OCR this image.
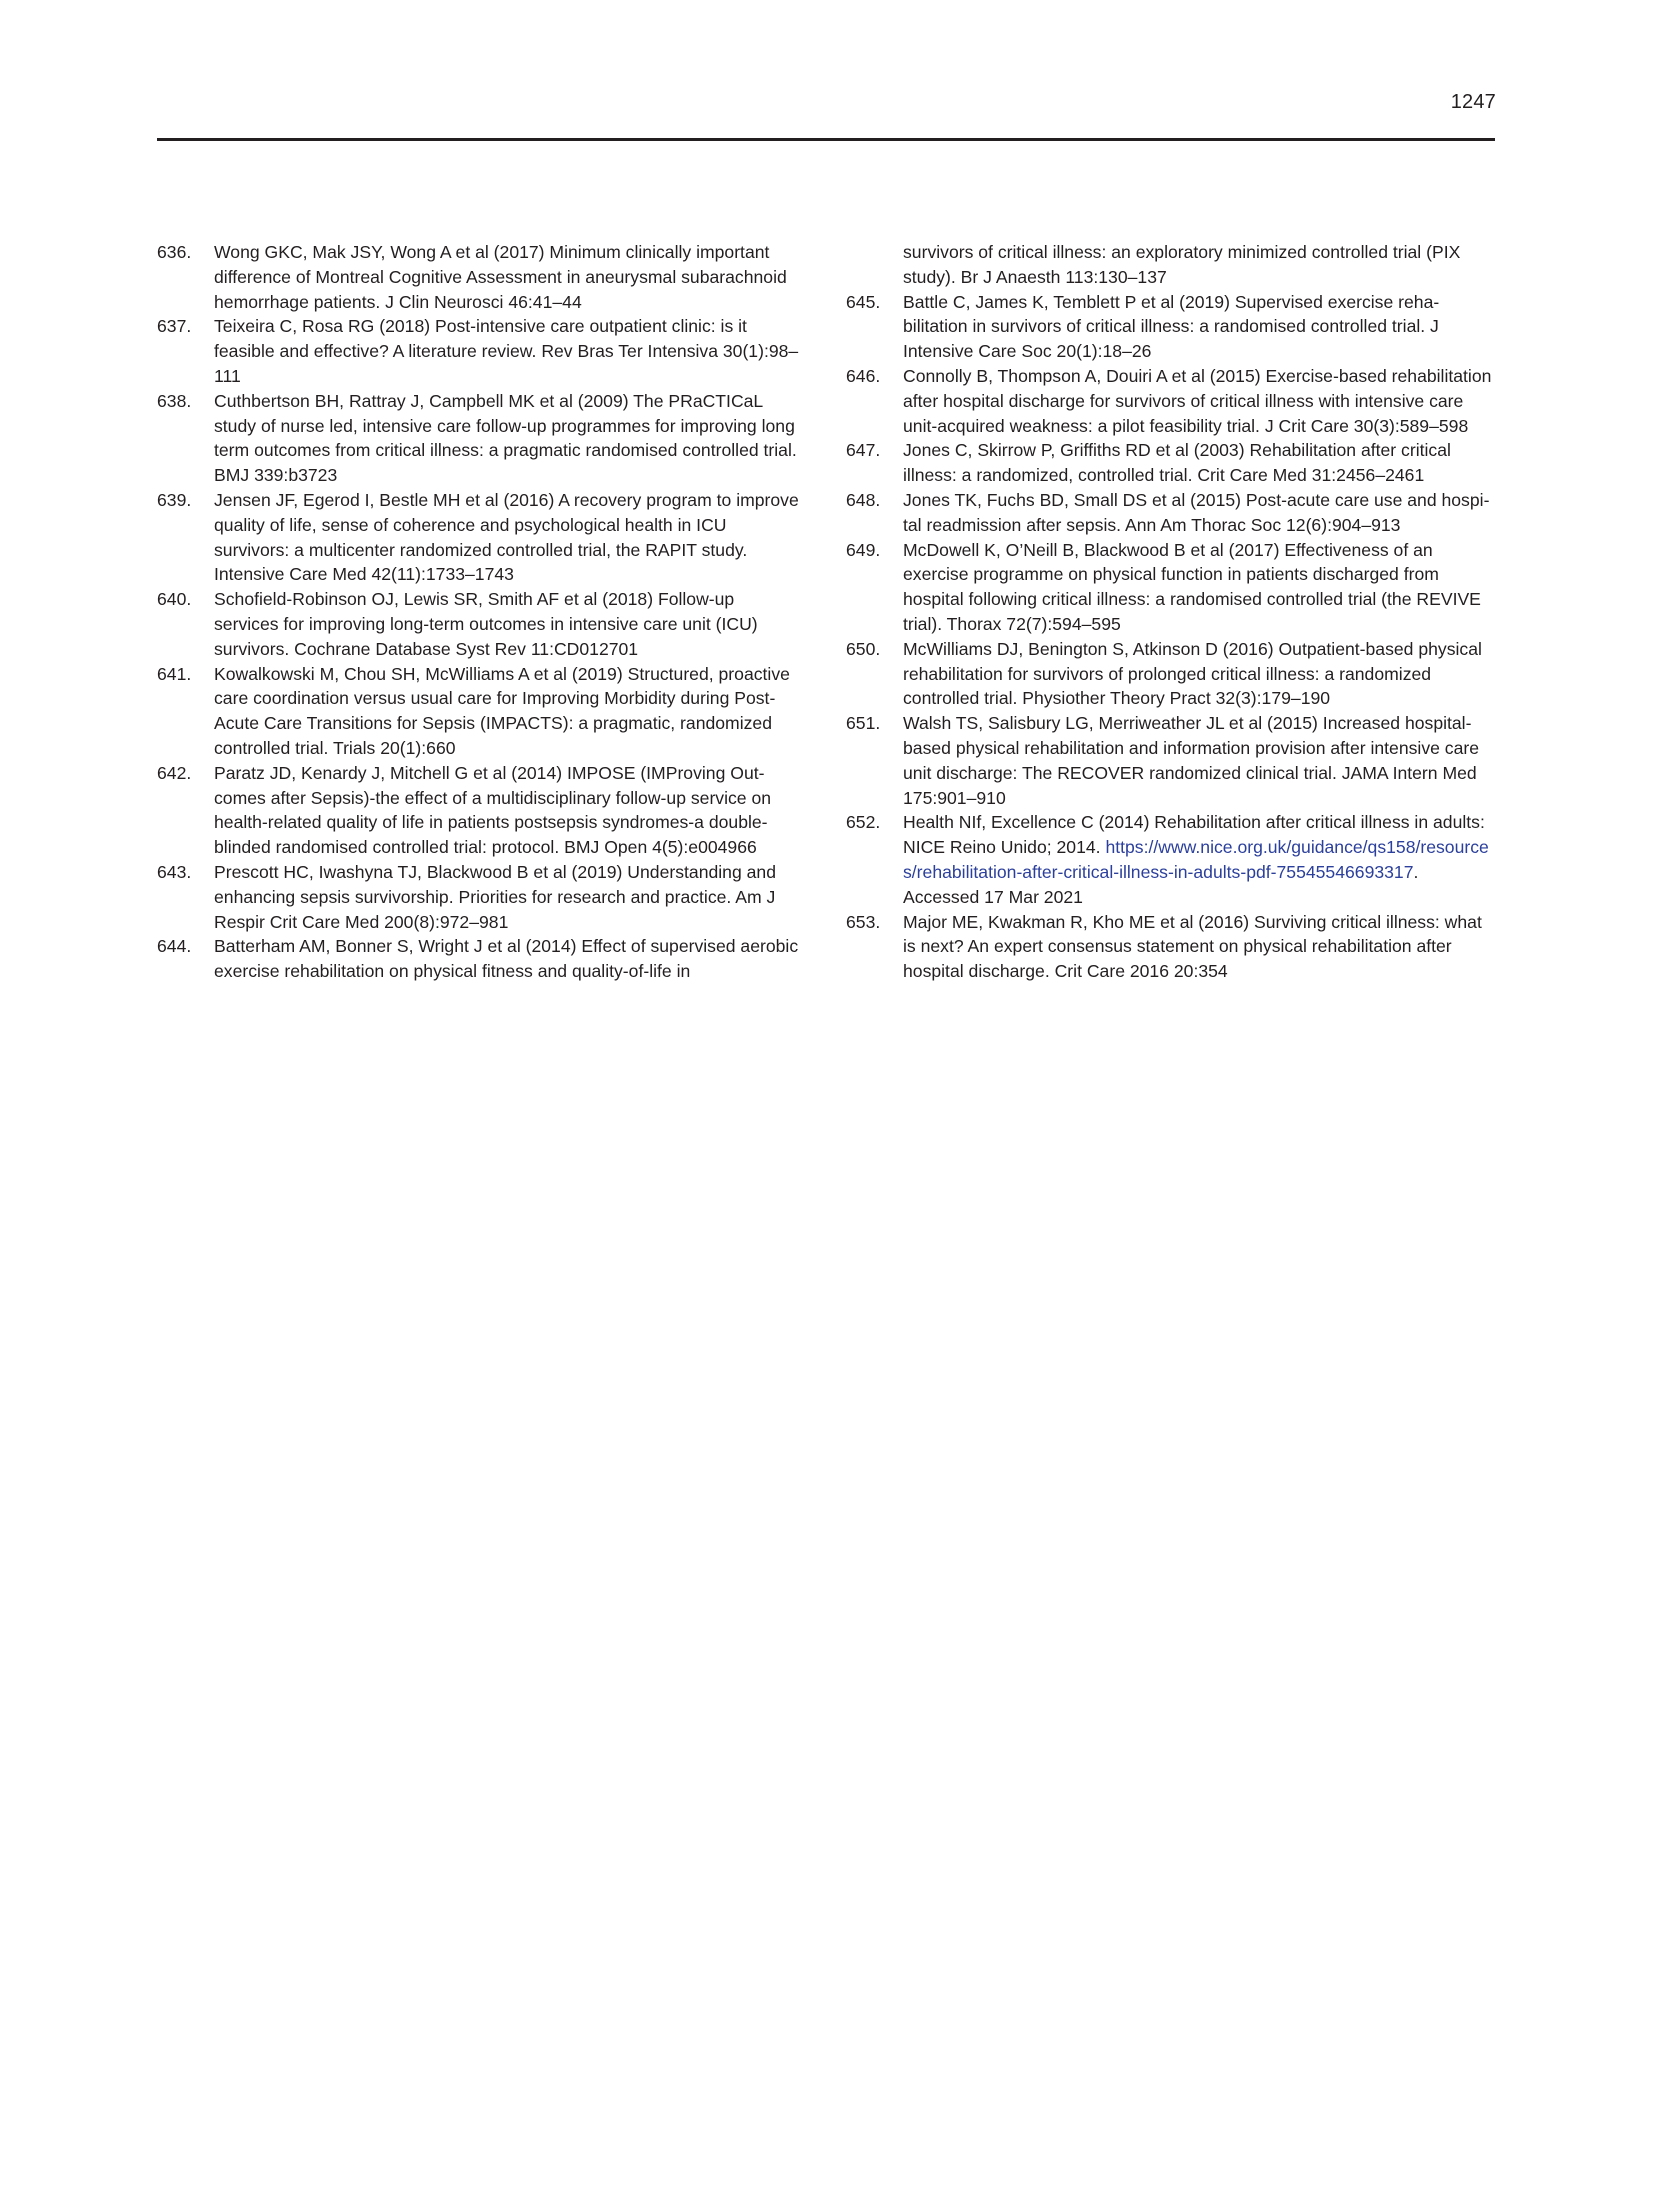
1247
636. Wong GKC, Mak JSY, Wong A et al (2017) Minimum clinically important difference of Montreal Cognitive Assessment in aneurysmal subarachnoid hemorrhage patients. J Clin Neurosci 46:41–44
637. Teixeira C, Rosa RG (2018) Post-intensive care outpatient clinic: is it feasible and effective? A literature review. Rev Bras Ter Intensiva 30(1):98–111
638. Cuthbertson BH, Rattray J, Campbell MK et al (2009) The PRaCTICaL study of nurse led, intensive care follow-up programmes for improving long term outcomes from critical illness: a pragmatic randomised controlled trial. BMJ 339:b3723
639. Jensen JF, Egerod I, Bestle MH et al (2016) A recovery program to improve quality of life, sense of coherence and psychological health in ICU survivors: a multicenter randomized controlled trial, the RAPIT study. Intensive Care Med 42(11):1733–1743
640. Schofield-Robinson OJ, Lewis SR, Smith AF et al (2018) Follow-up services for improving long-term outcomes in intensive care unit (ICU) survivors. Cochrane Database Syst Rev 11:CD012701
641. Kowalkowski M, Chou SH, McWilliams A et al (2019) Structured, proactive care coordination versus usual care for Improving Morbidity during Post-Acute Care Transitions for Sepsis (IMPACTS): a pragmatic, randomized controlled trial. Trials 20(1):660
642. Paratz JD, Kenardy J, Mitchell G et al (2014) IMPOSE (IMProving Outcomes after Sepsis)-the effect of a multidisciplinary follow-up service on health-related quality of life in patients postsepsis syndromes-a double-blinded randomised controlled trial: protocol. BMJ Open 4(5):e004966
643. Prescott HC, Iwashyna TJ, Blackwood B et al (2019) Understanding and enhancing sepsis survivorship. Priorities for research and practice. Am J Respir Crit Care Med 200(8):972–981
644. Batterham AM, Bonner S, Wright J et al (2014) Effect of supervised aerobic exercise rehabilitation on physical fitness and quality-of-life in
survivors of critical illness: an exploratory minimized controlled trial (PIX study). Br J Anaesth 113:130–137
645. Battle C, James K, Temblett P et al (2019) Supervised exercise rehabilitation in survivors of critical illness: a randomised controlled trial. J Intensive Care Soc 20(1):18–26
646. Connolly B, Thompson A, Douiri A et al (2015) Exercise-based rehabilitation after hospital discharge for survivors of critical illness with intensive care unit-acquired weakness: a pilot feasibility trial. J Crit Care 30(3):589–598
647. Jones C, Skirrow P, Griffiths RD et al (2003) Rehabilitation after critical illness: a randomized, controlled trial. Crit Care Med 31:2456–2461
648. Jones TK, Fuchs BD, Small DS et al (2015) Post-acute care use and hospital readmission after sepsis. Ann Am Thorac Soc 12(6):904–913
649. McDowell K, O’Neill B, Blackwood B et al (2017) Effectiveness of an exercise programme on physical function in patients discharged from hospital following critical illness: a randomised controlled trial (the REVIVE trial). Thorax 72(7):594–595
650. McWilliams DJ, Benington S, Atkinson D (2016) Outpatient-based physical rehabilitation for survivors of prolonged critical illness: a randomized controlled trial. Physiother Theory Pract 32(3):179–190
651. Walsh TS, Salisbury LG, Merriweather JL et al (2015) Increased hospital-based physical rehabilitation and information provision after intensive care unit discharge: The RECOVER randomized clinical trial. JAMA Intern Med 175:901–910
652. Health NIf, Excellence C (2014) Rehabilitation after critical illness in adults: NICE Reino Unido; 2014. https://www.nice.org.uk/guidance/qs158/resources/rehabilitation-after-critical-illness-in-adults-pdf-75545546693317. Accessed 17 Mar 2021
653. Major ME, Kwakman R, Kho ME et al (2016) Surviving critical illness: what is next? An expert consensus statement on physical rehabilitation after hospital discharge. Crit Care 2016 20:354
